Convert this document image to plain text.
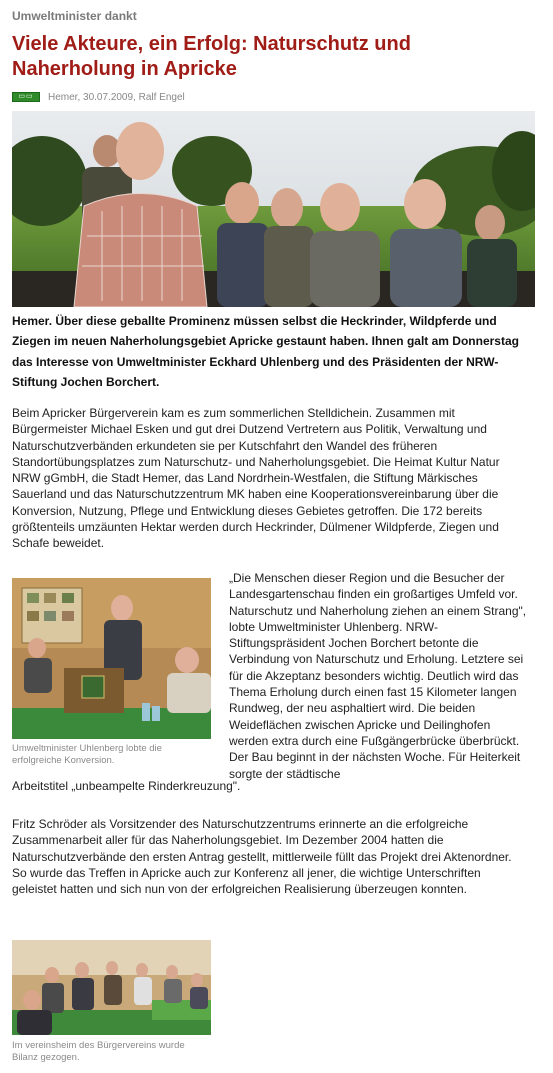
Umweltminister dankt
Viele Akteure, ein Erfolg: Naturschutz und Naherholung in Apricke
▭▭	Hemer, 30.07.2009, Ralf Engel
Hemer. Über diese geballte Prominenz müssen selbst die Heckrinder, Wildpferde und Ziegen im neuen Naherholungsgebiet Apricke gestaunt haben. Ihnen galt am Donnerstag das Interesse von Umweltminister Eckhard Uhlenberg und des Präsidenten der NRW-Stiftung Jochen Borchert.
Beim Apricker Bürgerverein kam es zum sommerlichen Stelldichein. Zusammen mit Bürgermeister Michael Esken und gut drei Dutzend Vertretern aus Politik, Verwaltung und Naturschutzverbänden erkundeten sie per Kutschfahrt den Wandel des früheren Standortübungsplatzes zum Naturschutz- und Naherholungsgebiet. Die Heimat Kultur Natur NRW gGmbH, die Stadt Hemer, das Land Nordrhein-Westfalen, die Stiftung Märkisches Sauerland und das Naturschutzzentrum MK haben eine Kooperationsvereinbarung über die Konversion, Nutzung, Pflege und Entwicklung dieses Gebietes getroffen. Die 172 bereits größtenteils umzäunten Hektar werden durch Heckrinder, Dülmener Wildpferde, Ziegen und Schafe beweidet.
Umweltminister Uhlenberg lobte die erfolgreiche Konversion.
„Die Menschen dieser Region und die Besucher der Landesgartenschau finden ein großartiges Umfeld vor. Naturschutz und Naherholung ziehen an einem Strang", lobte Umweltminister Uhlenberg. NRW-Stiftungspräsident Jochen Borchert betonte die Verbindung von Naturschutz und Erholung. Letztere sei für die Akzeptanz besonders wichtig. Deutlich wird das Thema Erholung durch einen fast 15 Kilometer langen Rundweg, der neu asphaltiert wird. Die beiden Weideflächen zwischen Apricke und Deilinghofen werden extra durch eine Fußgängerbrücke überbrückt. Der Bau beginnt in der nächsten Woche. Für Heiterkeit sorgte der städtische
Arbeitstitel „unbeampelte Rinderkreuzung".
Fritz Schröder als Vorsitzender des Naturschutzzentrums erinnerte an die erfolgreiche Zusammenarbeit aller für das Naherholungsgebiet. Im Dezember 2004 hatten die Naturschutzverbände den ersten Antrag gestellt, mittlerweile füllt das Projekt drei Aktenordner. So wurde das Treffen in Apricke auch zur Konferenz all jener, die wichtige Unterschriften geleistet hatten und sich nun von der erfolgreichen Realisierung überzeugen konnten.
Im vereinsheim des Bürgervereins wurde Bilanz gezogen.
